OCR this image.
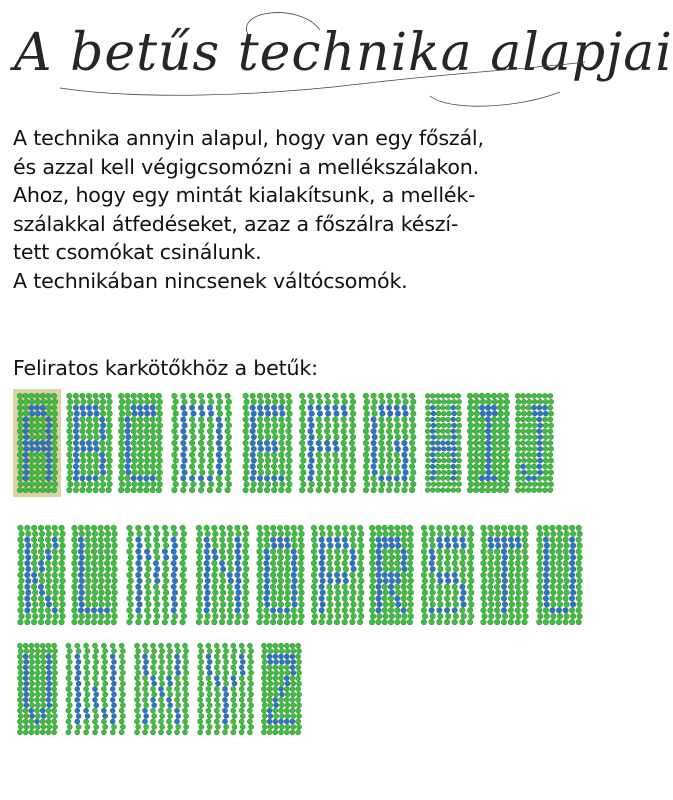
A betűs technika alapjai
A technika annyin alapul, hogy van egy főszál,
és azzal kell végigcsomózni a mellékszálakon.
Ahoz, hogy egy mintát kialakítsunk, a mellék-
szálakkal átfedéseket, azaz a főszálra készí-
tett csomókat csinálunk.
A technikában nincsenek váltócsomók.
Feliratos karkötőkhöz a betűk:
